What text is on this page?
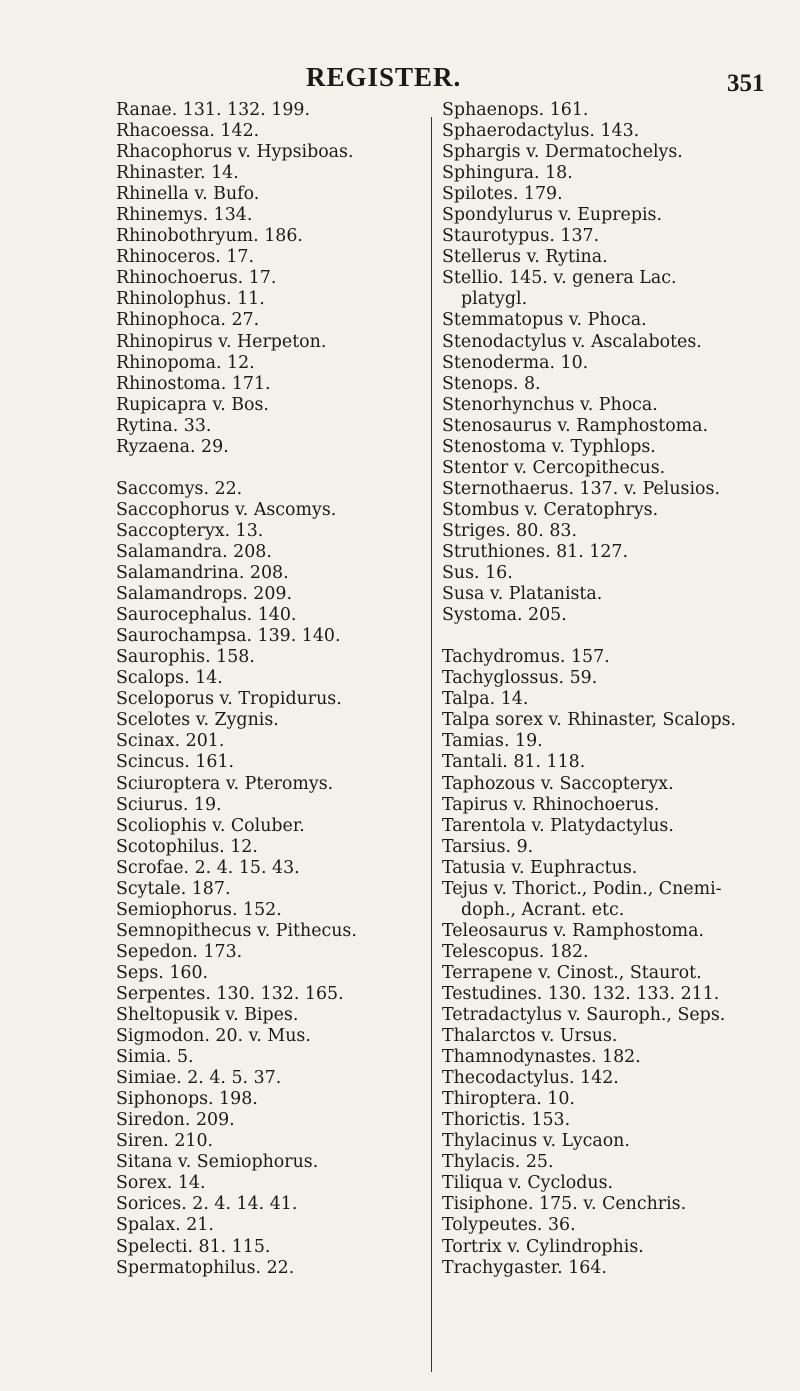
REGISTER.	351
Ranae. 131. 132. 199.
Rhacoessa. 142.
Rhacophorus v. Hypsiboas.
Rhinaster. 14.
Rhinella v. Bufo.
Rhinemys. 134.
Rhinobothryum. 186.
Rhinoceros. 17.
Rhinochoerus. 17.
Rhinolophus. 11.
Rhinophoca. 27.
Rhinopirus v. Herpeton.
Rhinopoma. 12.
Rhinostoma. 171.
Rupicapra v. Bos.
Rytina. 33.
Ryzaena. 29.
Saccomys. 22.
Saccophorus v. Ascomys.
Saccopteryx. 13.
Salamandra. 208.
Salamandrina. 208.
Salamandrops. 209.
Saurocephalus. 140.
Saurochampsa. 139. 140.
Saurophis. 158.
Scalops. 14.
Sceloporus v. Tropidurus.
Scelotes v. Zygnis.
Scinax. 201.
Scincus. 161.
Sciuroptera v. Pteromys.
Sciurus. 19.
Scoliophis v. Coluber.
Scotophilus. 12.
Scrofae. 2. 4. 15. 43.
Scytale. 187.
Semiophorus. 152.
Semnopithecus v. Pithecus.
Sepedon. 173.
Seps. 160.
Serpentes. 130. 132. 165.
Sheltopusik v. Bipes.
Sigmodon. 20. v. Mus.
Simia. 5.
Simiae. 2. 4. 5. 37.
Siphonops. 198.
Siredon. 209.
Siren. 210.
Sitana v. Semiophorus.
Sorex. 14.
Sorices. 2. 4. 14. 41.
Spalax. 21.
Spelecti. 81. 115.
Spermatophilus. 22.
Sphaenops. 161.
Sphaerodactylus. 143.
Sphargis v. Dermatochelys.
Sphingura. 18.
Spilotes. 179.
Spondylurus v. Euprepis.
Staurotypus. 137.
Stellerus v. Rytina.
Stellio. 145. v. genera Lac.
platygl.
Stemmatopus v. Phoca.
Stenodactylus v. Ascalabotes.
Stenoderma. 10.
Stenops. 8.
Stenorhynchus v. Phoca.
Stenosaurus v. Ramphostoma.
Stenostoma v. Typhlops.
Stentor v. Cercopithecus.
Sternothaerus. 137. v. Pelusios.
Stombus v. Ceratophrys.
Striges. 80. 83.
Struthiones. 81. 127.
Sus. 16.
Susa v. Platanista.
Systoma. 205.
Tachydromus. 157.
Tachyglossus. 59.
Talpa. 14.
Talpa sorex v. Rhinaster, Scalops.
Tamias. 19.
Tantali. 81. 118.
Taphozous v. Saccopteryx.
Tapirus v. Rhinochoerus.
Tarentola v. Platydactylus.
Tarsius. 9.
Tatusia v. Euphractus.
Tejus v. Thorict., Podin., Cnemi-
doph., Acrant. etc.
Teleosaurus v. Ramphostoma.
Telescopus. 182.
Terrapene v. Cinost., Staurot.
Testudines. 130. 132. 133. 211.
Tetradactylus v. Sauroph., Seps.
Thalarctos v. Ursus.
Thamnodynastes. 182.
Thecodactylus. 142.
Thiroptera. 10.
Thorictis. 153.
Thylacinus v. Lycaon.
Thylacis. 25.
Tiliqua v. Cyclodus.
Tisiphone. 175. v. Cenchris.
Tolypeutes. 36.
Tortrix v. Cylindrophis.
Trachygaster. 164.
